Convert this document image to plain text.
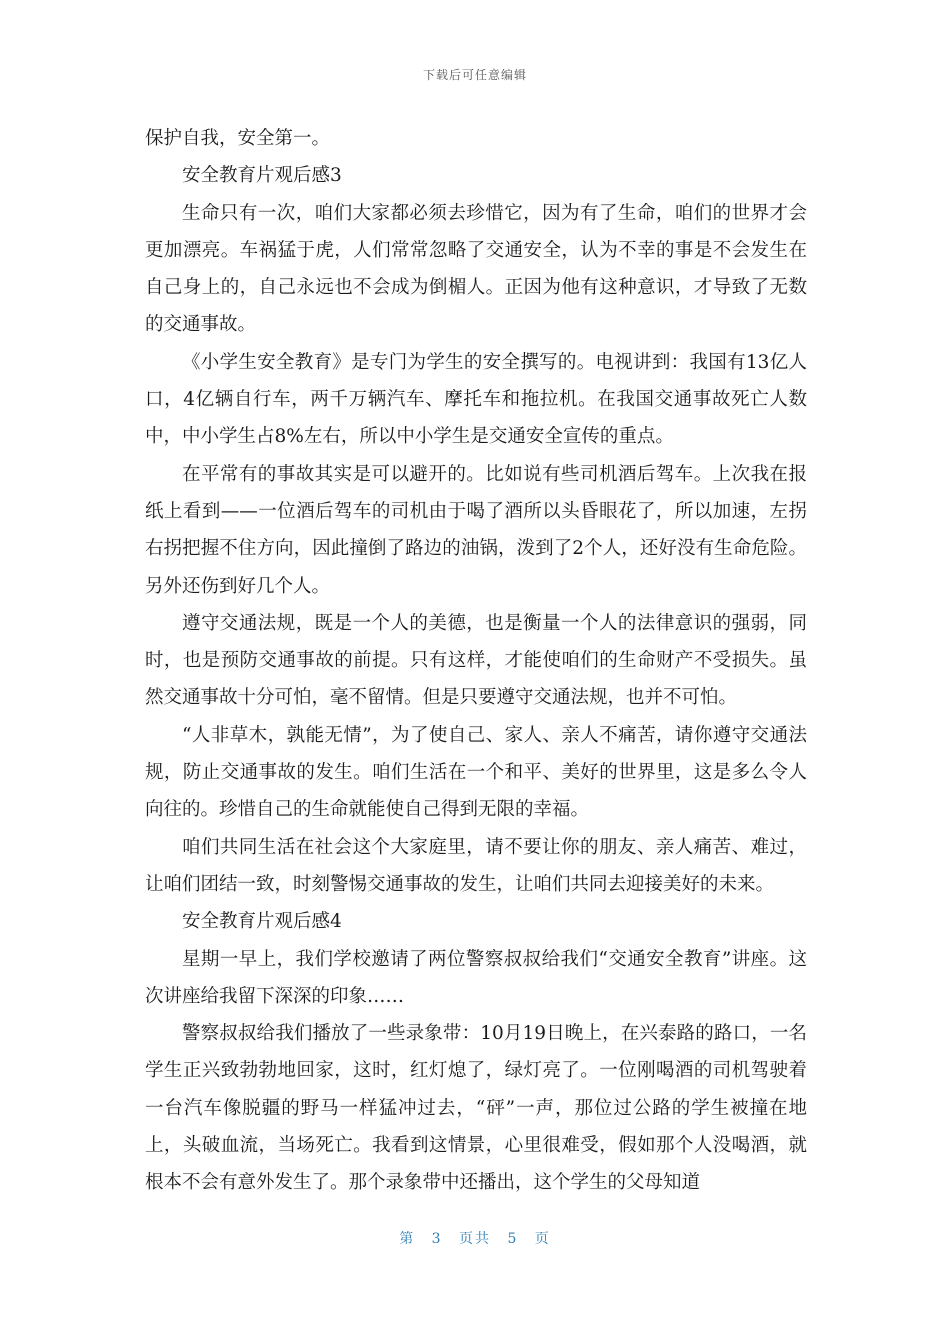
下载后可任意编辑

保护自我，安全第一。

安全教育片观后感3

生命只有一次，咱们大家都必须去珍惜它，因为有了生命，咱们的世界才会更加漂亮。车祸猛于虎，人们常常忽略了交通安全，认为不幸的事是不会发生在自己身上的，自己永远也不会成为倒楣人。正因为他有这种意识，才导致了无数的交通事故。

《小学生安全教育》是专门为学生的安全撰写的。电视讲到：我国有13亿人口，4亿辆自行车，两千万辆汽车、摩托车和拖拉机。在我国交通事故死亡人数中，中小学生占8%左右，所以中小学生是交通安全宣传的重点。

在平常有的事故其实是可以避开的。比如说有些司机酒后驾车。上次我在报纸上看到——一位酒后驾车的司机由于喝了酒所以头昏眼花了，所以加速，左拐右拐把握不住方向，因此撞倒了路边的油锅，泼到了2个人，还好没有生命危险。另外还伤到好几个人。

遵守交通法规，既是一个人的美德，也是衡量一个人的法律意识的强弱，同时，也是预防交通事故的前提。只有这样，才能使咱们的生命财产不受损失。虽然交通事故十分可怕，毫不留情。但是只要遵守交通法规，也并不可怕。

“人非草木，孰能无情”，为了使自己、家人、亲人不痛苦，请你遵守交通法规，防止交通事故的发生。咱们生活在一个和平、美好的世界里，这是多么令人向往的。珍惜自己的生命就能使自己得到无限的幸福。

咱们共同生活在社会这个大家庭里，请不要让你的朋友、亲人痛苦、难过，让咱们团结一致，时刻警惕交通事故的发生，让咱们共同去迎接美好的未来。

安全教育片观后感4

星期一早上，我们学校邀请了两位警察叔叔给我们“交通安全教育”讲座。这次讲座给我留下深深的印象……

警察叔叔给我们播放了一些录象带：10月19日晚上，在兴泰路的路口，一名学生正兴致勃勃地回家，这时，红灯熄了，绿灯亮了。一位刚喝酒的司机驾驶着一台汽车像脱疆的野马一样猛冲过去，“砰”一声，那位过公路的学生被撞在地上，头破血流，当场死亡。我看到这情景，心里很难受，假如那个人没喝酒，就根本不会有意外发生了。那个录象带中还播出，这个学生的父母知道

第 3 页共 5 页
